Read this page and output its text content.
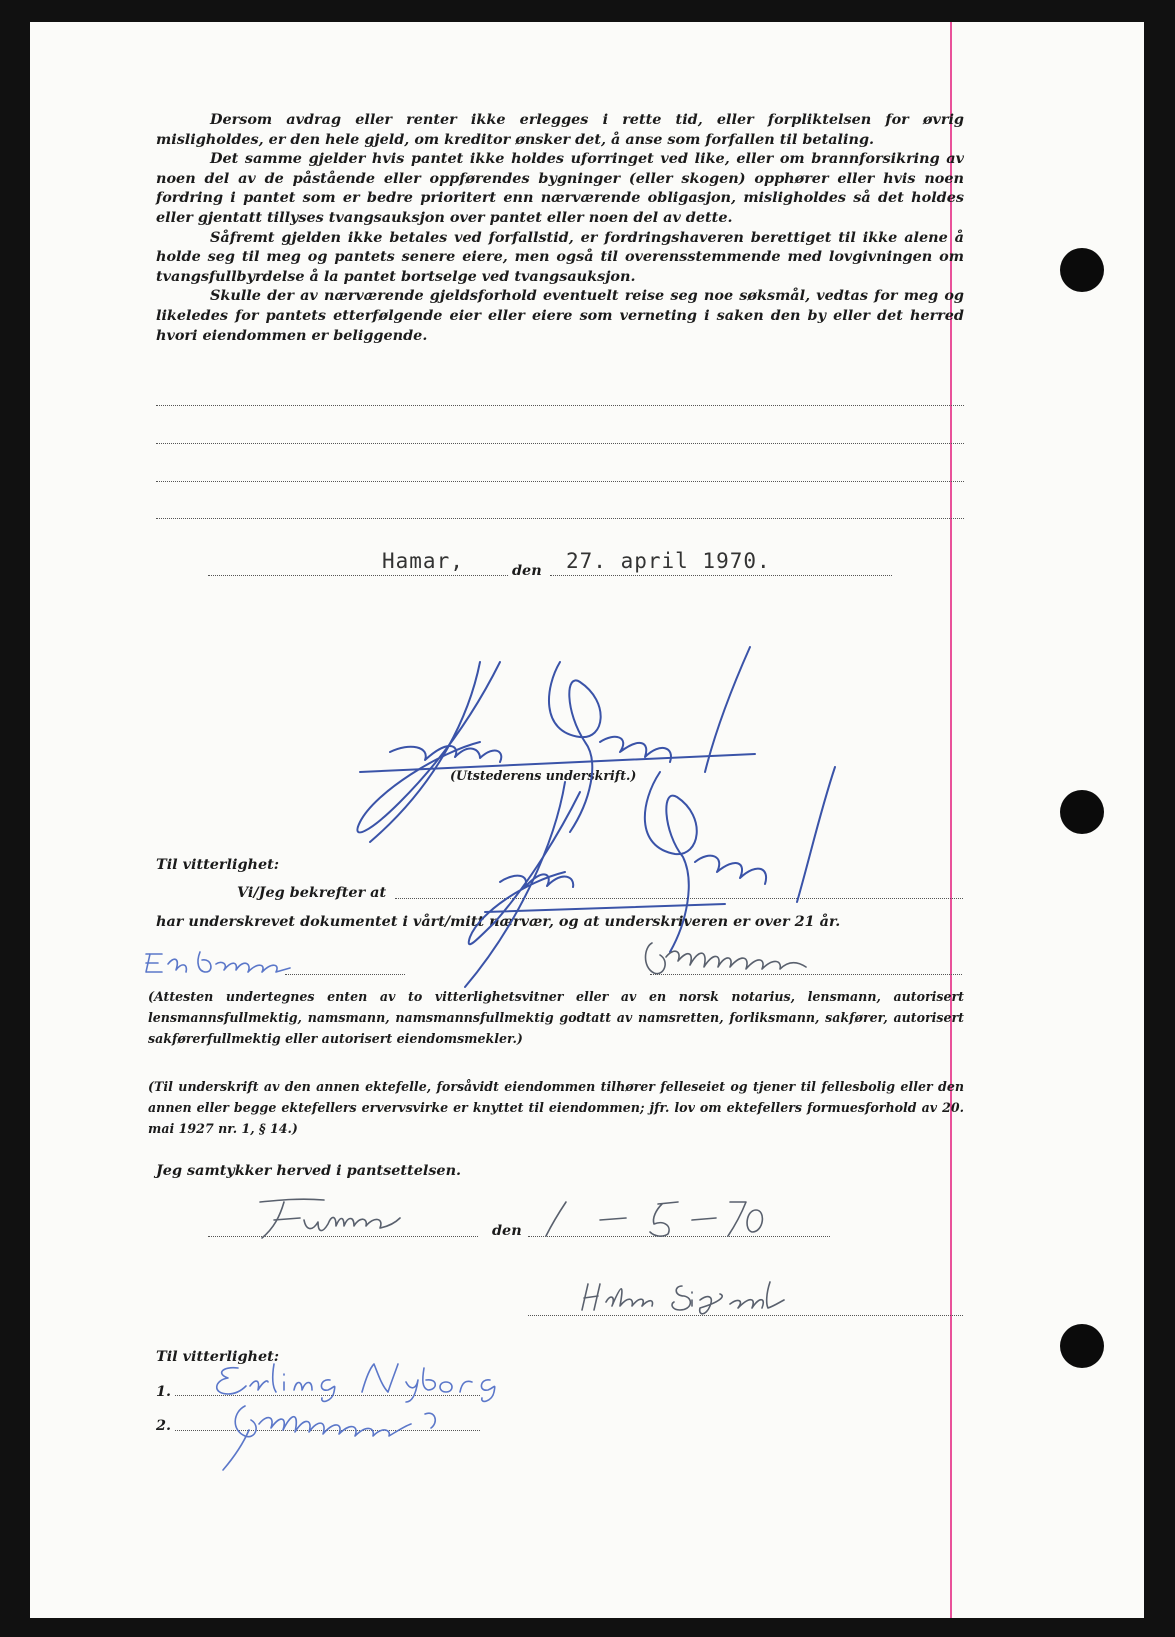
Dersom avdrag eller renter ikke erlegges i rette tid, eller forpliktelsen for øvrig misligholdes, er den hele gjeld, om kreditor ønsker det, å anse som forfallen til betaling.

Det samme gjelder hvis pantet ikke holdes uforringet ved like, eller om brannforsikring av noen del av de påstående eller oppførendes bygninger (eller skogen) opphører eller hvis noen fordring i pantet som er bedre prioritert enn nærværende obligasjon, misligholdes så det holdes eller gjentatt tillyses tvangsauksjon over pantet eller noen del av dette.

Såfremt gjelden ikke betales ved forfallstid, er fordringshaveren berettiget til ikke alene å holde seg til meg og pantets senere eiere, men også til overensstemmende med lovgivningen om tvangsfullbyrdelse å la pantet bortselge ved tvangsauksjon.

Skulle der av nærværende gjeldsforhold eventuelt reise seg noe søksmål, vedtas for meg og likeledes for pantets etterfølgende eier eller eiere som verneting i saken den by eller det herred hvori eiendommen er beliggende.

Hamar,	den 27. april 1970.
(Utstederens underskrift.)
Til vitterlighet:
Vi/Jeg bekrefter at
har underskrevet dokumentet i vårt/mitt nærvær, og at underskriveren er over 21 år.
(Attesten undertegnes enten av to vitterlighetsvitner eller av en norsk notarius, lensmann, autorisert lensmannsfullmektig, namsmann, namsmannsfullmektig godtatt av namsretten, forliksmann, sakfører, autorisert sakførerfullmektig eller autorisert eiendomsmekler.)
(Til underskrift av den annen ektefelle, forsåvidt eiendommen tilhører felleseiet og tjener til fellesbolig eller den annen eller begge ektefellers ervervsvirke er knyttet til eiendommen; jfr. lov om ektefellers formuesforhold av 20. mai 1927 nr. 1, § 14.)
Jeg samtykker herved i pantsettelsen.
den
Til vitterlighet:
1.
2.
